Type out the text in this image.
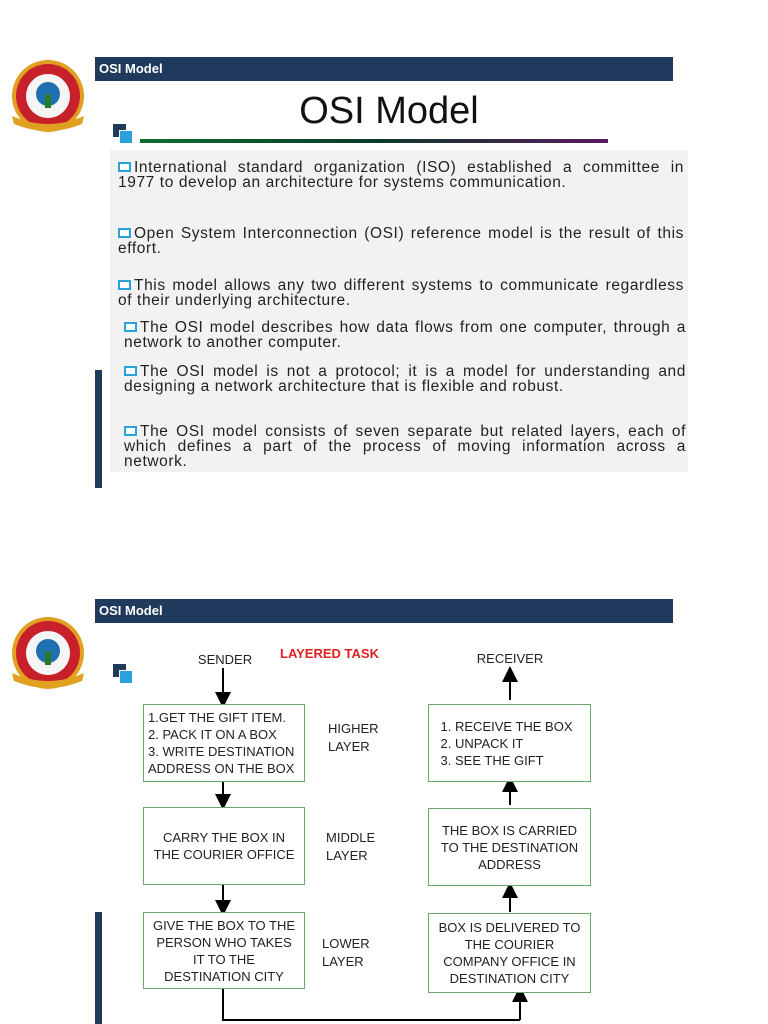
OSI Model
OSI Model
International standard organization (ISO) established a committee in 1977 to develop an architecture for systems communication.
Open System Interconnection (OSI) reference model is the result of this effort.
This model allows any two different systems to communicate regardless of their underlying architecture.
The OSI model describes how data flows from one computer, through a network to another computer.
The OSI model is not a protocol; it is a model for understanding and designing a network architecture that is flexible and robust.
The OSI model consists of seven separate but related layers, each of which defines a part of the process of moving information across a network.
OSI Model
SENDER	LAYERED TASK	RECEIVER
1.GET THE GIFT ITEM.
2. PACK IT ON A BOX
3. WRITE DESTINATION
ADDRESS ON THE BOX
CARRY THE BOX IN
THE COURIER OFFICE
GIVE THE BOX TO THE
PERSON WHO TAKES
IT TO THE
DESTINATION CITY
HIGHER
LAYER
MIDDLE
LAYER
LOWER
LAYER
1. RECEIVE THE BOX
2. UNPACK IT
3. SEE THE GIFT
THE BOX IS CARRIED
TO THE DESTINATION
ADDRESS
BOX IS DELIVERED TO
THE COURIER
COMPANY OFFICE IN
DESTINATION CITY
